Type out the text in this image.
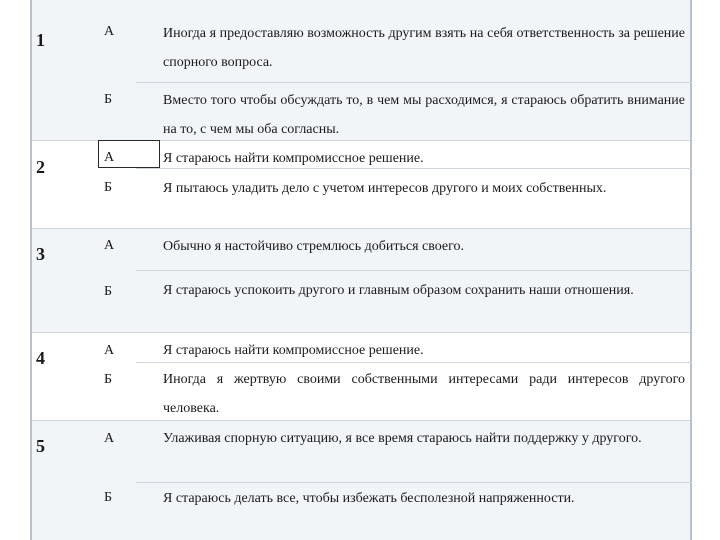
1	А	Иногда я предоставляю возможность другим взять на себя ответственность за решение спорного вопроса.
Б	Вместо того чтобы обсуждать то, в чем мы расходимся, я стараюсь обратить внимание на то, с чем мы оба согласны.
2	А	Я стараюсь найти компромиссное решение.
Б	Я пытаюсь уладить дело с учетом интересов другого и моих собственных.
3	А	Обычно я настойчиво стремлюсь добиться своего.
Б	Я стараюсь успокоить другого и главным образом сохранить наши отношения.
4	А	Я стараюсь найти компромиссное решение.
Б	Иногда я жертвую своими собственными интересами ради интересов другого человека.
5	А	Улаживая спорную ситуацию, я все время стараюсь найти поддержку у другого.
Б	Я стараюсь делать все, чтобы избежать бесполезной напряженности.
